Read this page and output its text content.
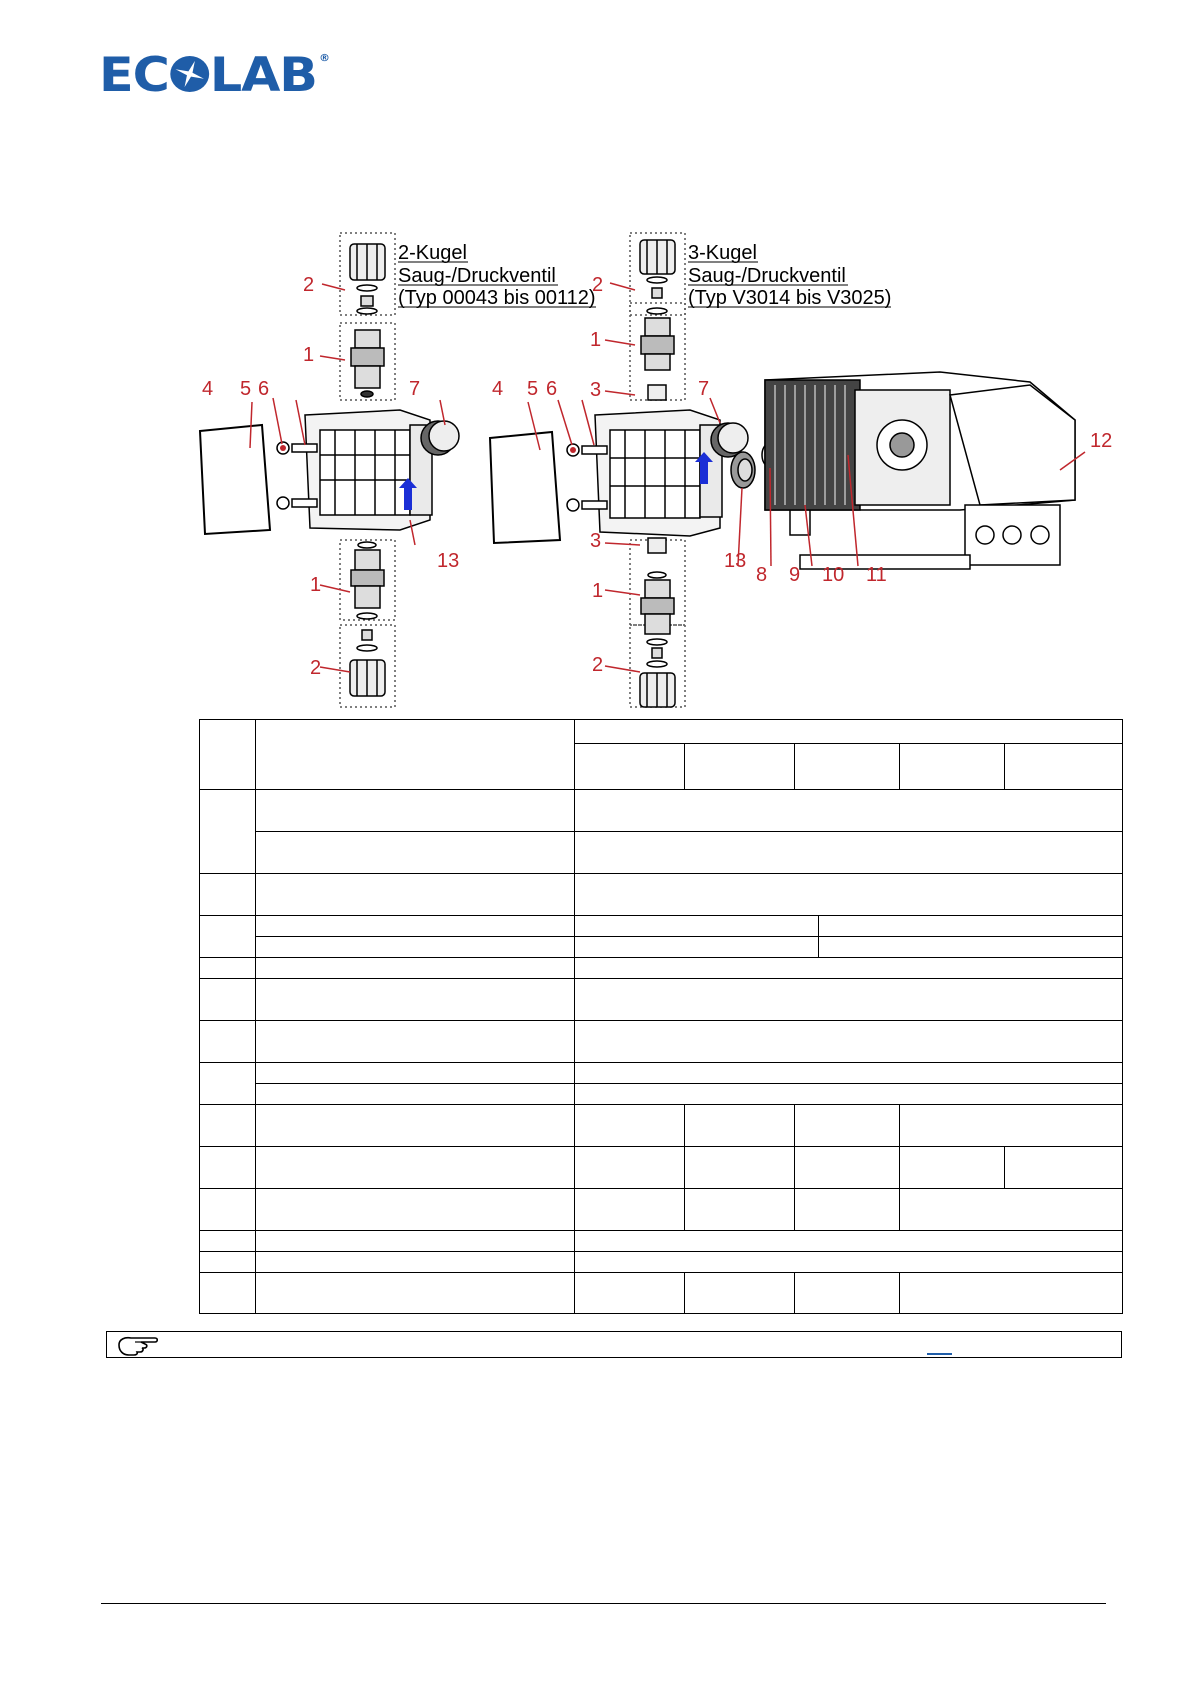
EC LAB ®
2
1
4 5 6	7
13
1
2
2
1
3
4 5 6	7
3
13
1
2
8 9 10 11
12
2-Kugel
Saug-/Druckventil
(Typ 00043 bis 00112)
3-Kugel
Saug-/Druckventil
(Typ V3014 bis V3025)
